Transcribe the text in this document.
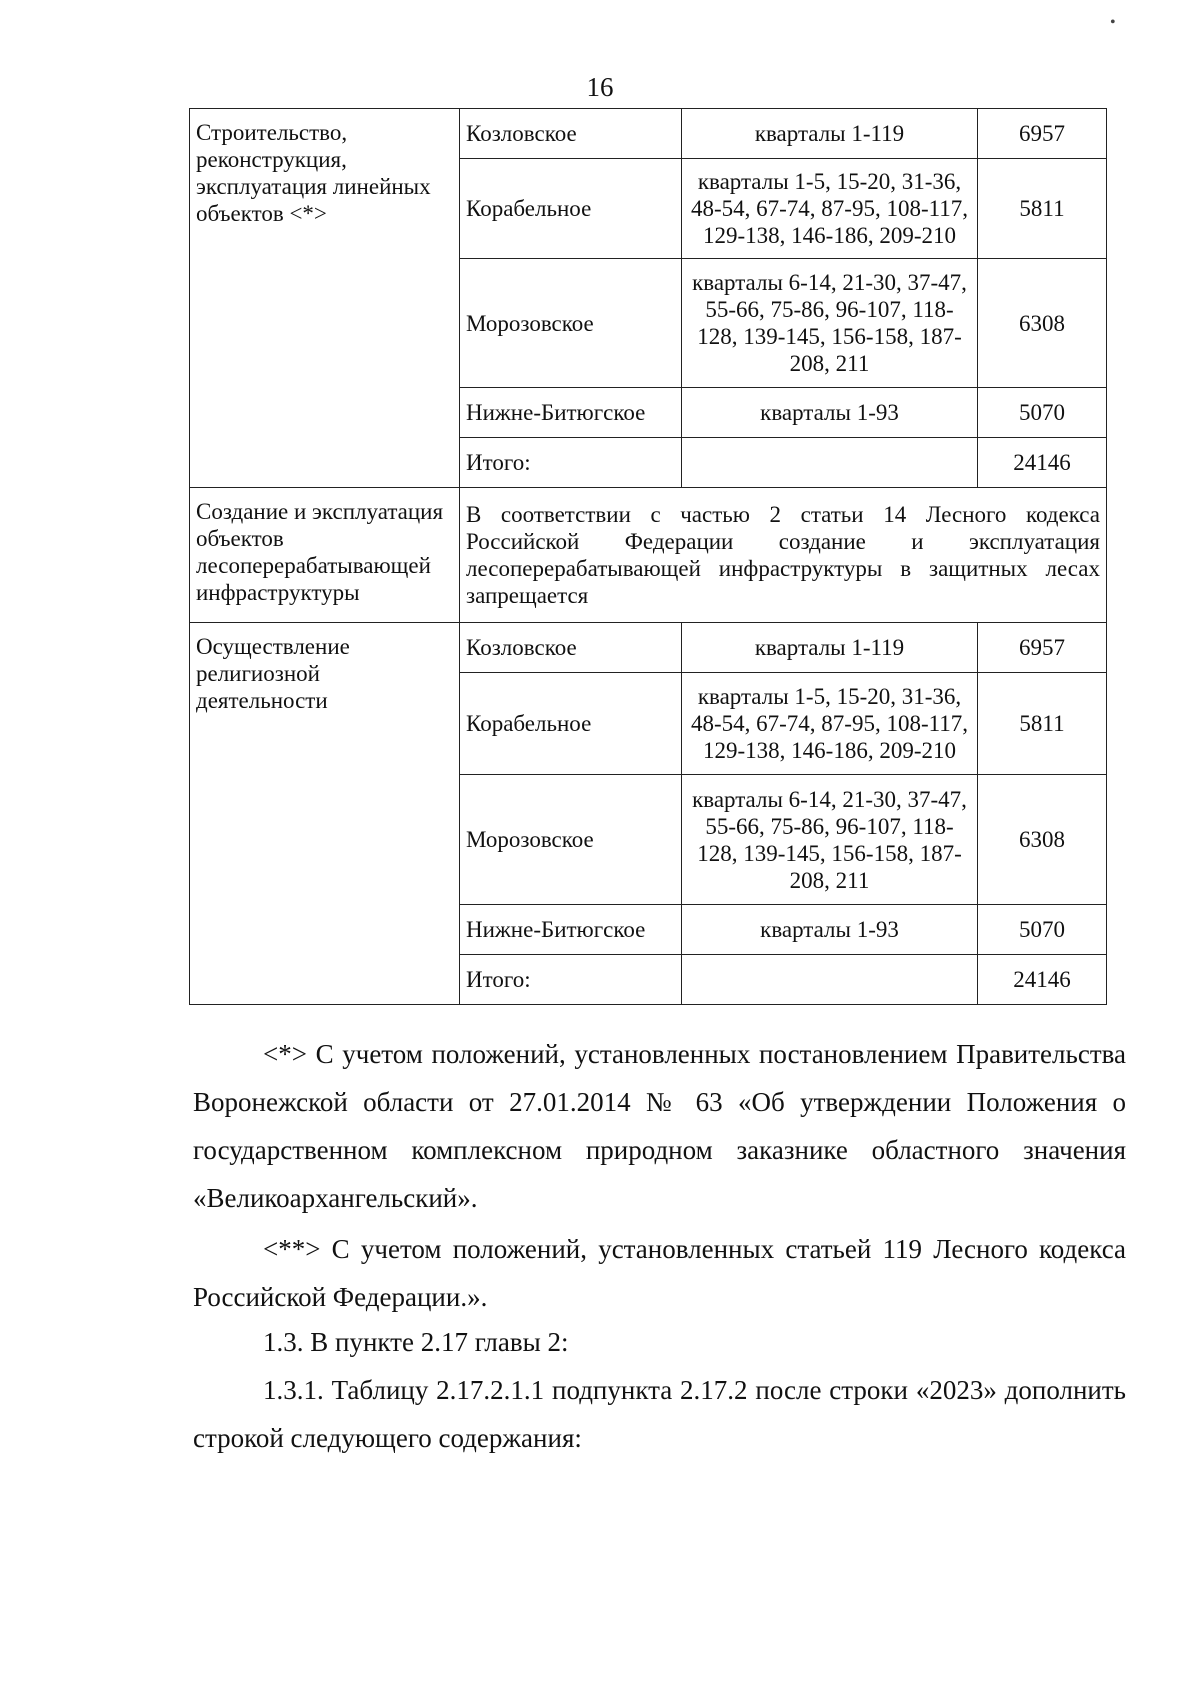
•
16
Строительство, реконструкция, эксплуатация линейных объектов <*>	Козловское	кварталы 1-119	6957
	Корабельное	кварталы 1-5, 15-20, 31-36, 48-54, 67-74, 87-95, 108-117, 129-138, 146-186, 209-210	5811
	Морозовское	кварталы 6-14, 21-30, 37-47, 55-66, 75-86, 96-107, 118-128, 139-145, 156-158, 187-208, 211	6308
	Нижне-Битюгское	кварталы 1-93	5070
	Итого:		24146
Создание и эксплуатация объектов лесоперерабатывающей инфраструктуры	В соответствии с частью 2 статьи 14 Лесного кодекса Российской Федерации создание и эксплуатация лесоперерабатывающей инфраструктуры в защитных лесах запрещается		
Осуществление религиозной деятельности	Козловское	кварталы 1-119	6957
	Корабельное	кварталы 1-5, 15-20, 31-36, 48-54, 67-74, 87-95, 108-117, 129-138, 146-186, 209-210	5811
	Морозовское	кварталы 6-14, 21-30, 37-47, 55-66, 75-86, 96-107, 118-128, 139-145, 156-158, 187-208, 211	6308
	Нижне-Битюгское	кварталы 1-93	5070
	Итого:		24146
<*> С учетом положений, установленных постановлением Правительства Воронежской области от 27.01.2014 № 63 «Об утверждении Положения о государственном комплексном природном заказнике областного значения «Великоархангельский».
<**> С учетом положений, установленных статьей 119 Лесного кодекса Российской Федерации.».
1.3. В пункте 2.17 главы 2:
1.3.1. Таблицу 2.17.2.1.1 подпункта 2.17.2 после строки «2023» дополнить строкой следующего содержания:
